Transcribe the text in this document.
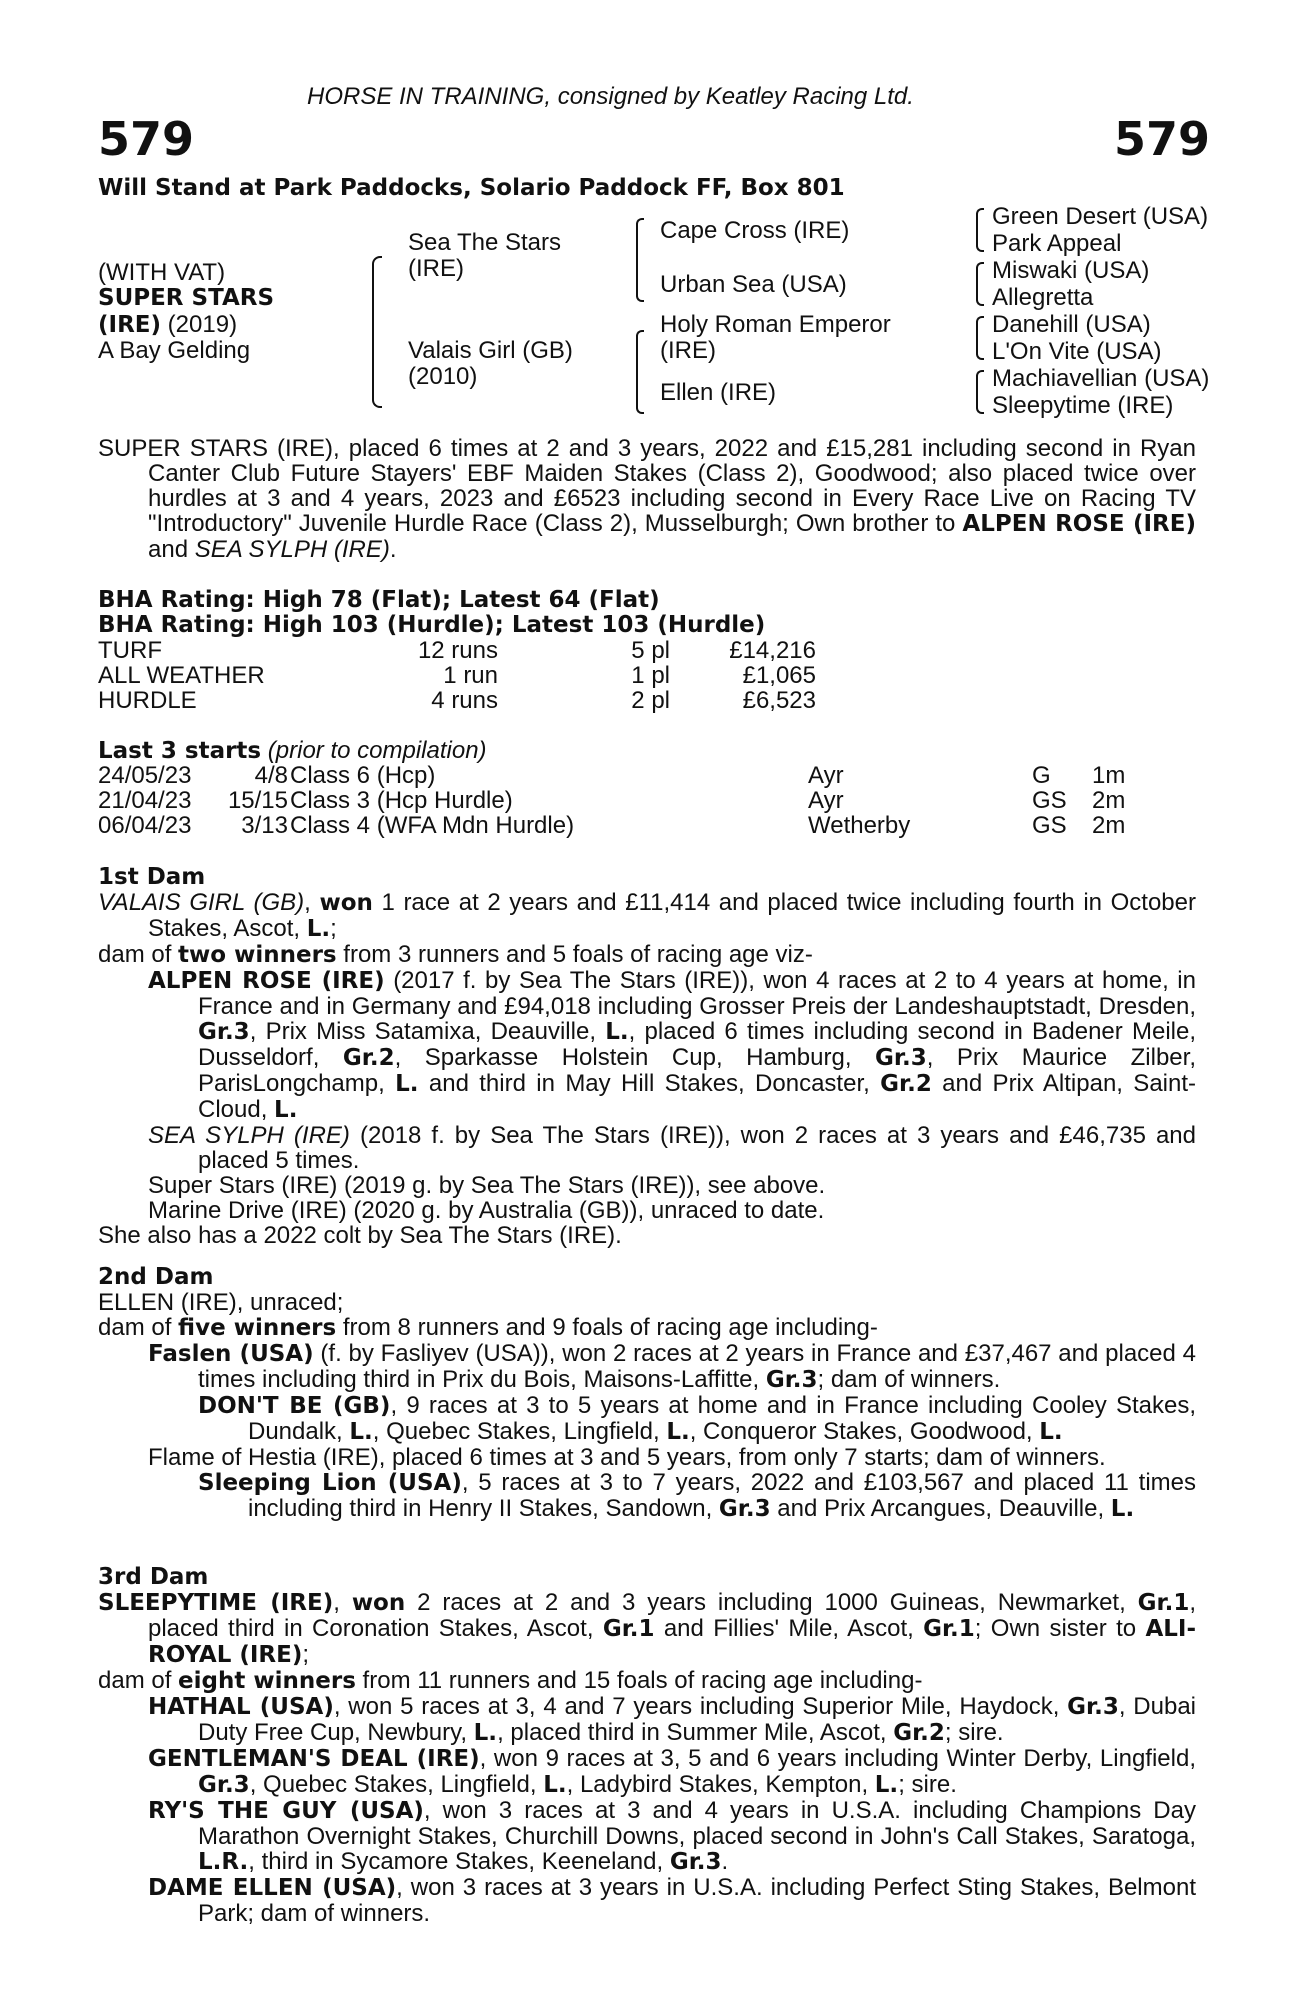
HORSE IN TRAINING, consigned by Keatley Racing Ltd.
579	579
Will Stand at Park Paddocks, Solario Paddock FF, Box 801
(WITH VAT)
SUPER STARS
(IRE) (2019)
A Bay Gelding
Sea The Stars
(IRE)
Valais Girl (GB)
(2010)
Cape Cross (IRE)
Urban Sea (USA)
Holy Roman Emperor
(IRE)
Ellen (IRE)
Green Desert (USA)
Park Appeal
Miswaki (USA)
Allegretta
Danehill (USA)
L'On Vite (USA)
Machiavellian (USA)
Sleepytime (IRE)

SUPER STARS (IRE), placed 6 times at 2 and 3 years, 2022 and £15,281 including second in Ryan Canter Club Future Stayers' EBF Maiden Stakes (Class 2), Goodwood; also placed twice over hurdles at 3 and 4 years, 2023 and £6523 including second in Every Race Live on Racing TV "Introductory" Juvenile Hurdle Race (Class 2), Musselburgh; Own brother to ALPEN ROSE (IRE) and SEA SYLPH (IRE).

BHA Rating: High 78 (Flat); Latest 64 (Flat)
BHA Rating: High 103 (Hurdle); Latest 103 (Hurdle)
TURF	12 runs	5 pl	£14,216
ALL WEATHER	1 run	1 pl	£1,065
HURDLE	4 runs	2 pl	£6,523
Last 3 starts (prior to compilation)
24/05/23	4/8 Class 6 (Hcp)	Ayr	G 1m
21/04/23	15/15 Class 3 (Hcp Hurdle)	Ayr	GS 2m
06/04/23	3/13 Class 4 (WFA Mdn Hurdle)	Wetherby	GS 2m

1st Dam

VALAIS GIRL (GB), won 1 race at 2 years and £11,414 and placed twice including fourth in October Stakes, Ascot, L.;

dam of two winners from 3 runners and 5 foals of racing age viz-

ALPEN ROSE (IRE) (2017 f. by Sea The Stars (IRE)), won 4 races at 2 to 4 years at home, in France and in Germany and £94,018 including Grosser Preis der Landeshauptstadt, Dresden, Gr.3, Prix Miss Satamixa, Deauville, L., placed 6 times including second in Badener Meile, Dusseldorf, Gr.2, Sparkasse Holstein Cup, Hamburg, Gr.3, Prix Maurice Zilber, ParisLongchamp, L. and third in May Hill Stakes, Doncaster, Gr.2 and Prix Altipan, Saint-Cloud, L.

SEA SYLPH (IRE) (2018 f. by Sea The Stars (IRE)), won 2 races at 3 years and £46,735 and placed 5 times.

Super Stars (IRE) (2019 g. by Sea The Stars (IRE)), see above.

Marine Drive (IRE) (2020 g. by Australia (GB)), unraced to date.

She also has a 2022 colt by Sea The Stars (IRE).

2nd Dam

ELLEN (IRE), unraced;

dam of five winners from 8 runners and 9 foals of racing age including-

Faslen (USA) (f. by Fasliyev (USA)), won 2 races at 2 years in France and £37,467 and placed 4 times including third in Prix du Bois, Maisons-Laffitte, Gr.3; dam of winners.

DON'T BE (GB), 9 races at 3 to 5 years at home and in France including Cooley Stakes, Dundalk, L., Quebec Stakes, Lingfield, L., Conqueror Stakes, Goodwood, L.

Flame of Hestia (IRE), placed 6 times at 3 and 5 years, from only 7 starts; dam of winners.

Sleeping Lion (USA), 5 races at 3 to 7 years, 2022 and £103,567 and placed 11 times including third in Henry II Stakes, Sandown, Gr.3 and Prix Arcangues, Deauville, L.

3rd Dam

SLEEPYTIME (IRE), won 2 races at 2 and 3 years including 1000 Guineas, Newmarket, Gr.1, placed third in Coronation Stakes, Ascot, Gr.1 and Fillies' Mile, Ascot, Gr.1; Own sister to ALI-ROYAL (IRE);

dam of eight winners from 11 runners and 15 foals of racing age including-

HATHAL (USA), won 5 races at 3, 4 and 7 years including Superior Mile, Haydock, Gr.3, Dubai Duty Free Cup, Newbury, L., placed third in Summer Mile, Ascot, Gr.2; sire.

GENTLEMAN'S DEAL (IRE), won 9 races at 3, 5 and 6 years including Winter Derby, Lingfield, Gr.3, Quebec Stakes, Lingfield, L., Ladybird Stakes, Kempton, L.; sire.

RY'S THE GUY (USA), won 3 races at 3 and 4 years in U.S.A. including Champions Day Marathon Overnight Stakes, Churchill Downs, placed second in John's Call Stakes, Saratoga, L.R., third in Sycamore Stakes, Keeneland, Gr.3.

DAME ELLEN (USA), won 3 races at 3 years in U.S.A. including Perfect Sting Stakes, Belmont Park; dam of winners.
